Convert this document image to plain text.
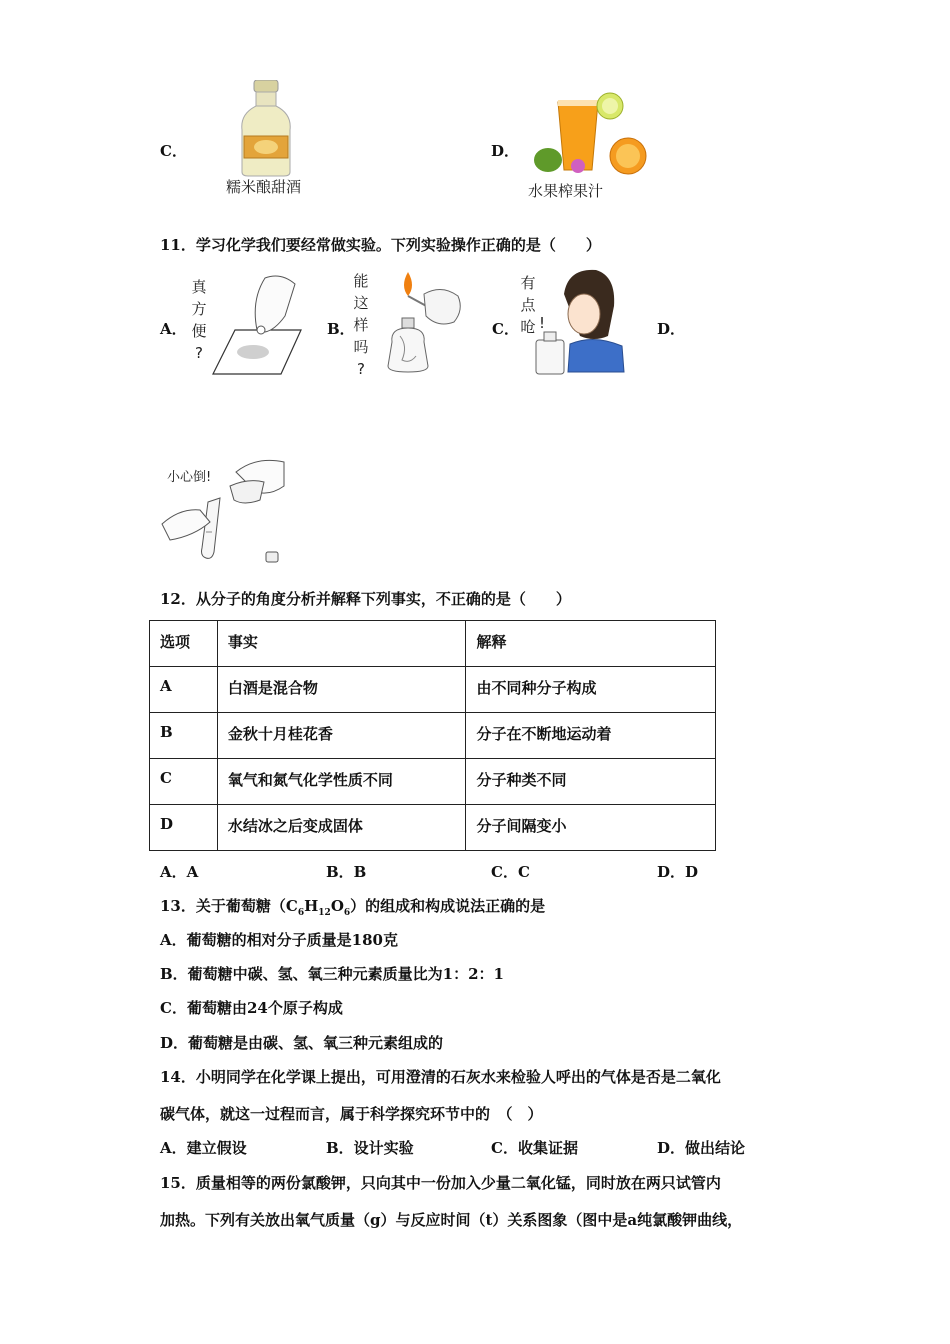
C．
糯米酿甜酒
D．
水果榨果汁
11．学习化学我们要经常做实验。下列实验操作正确的是（　　）
A．
真
方
便
?
B．
能
这
样
吗
?
C．
有
点
呛 !	D．
小心倒!
12．从分子的角度分析并解释下列事实，不正确的是（　　）
选项	事实	解释
A	白酒是混合物	由不同种分子构成
B	金秋十月桂花香	分子在不断地运动着
C	氧气和氮气化学性质不同	分子种类不同
D	水结冰之后变成固体	分子间隔变小
A．A	B．B	C．C	D．D
13．关于葡萄糖$(C_6H_{12}O_6)$的组成和构成说法正确的是
A．葡萄糖的相对分子质量是180克
B．葡萄糖中碳、氢、氧三种元素质量比为1：2：1
C．葡萄糖由24个原子构成
D．葡萄糖是由碳、氢、氧三种元素组成的
14．小明同学在化学课上提出，可用澄清的石灰水来检验人呼出的气体是否是二氧化
碳气体，就这一过程而言，属于科学探究环节中的　（　）
A．建立假设	B．设计实验	C．收集证据	D．做出结论
15．质量相等的两份氯酸钾，只向其中一份加入少量二氧化锰，同时放在两只试管内
加热。下列有关放出氧气质量（g）与反应时间（t）关系图象（图中是a纯氯酸钾曲线，
